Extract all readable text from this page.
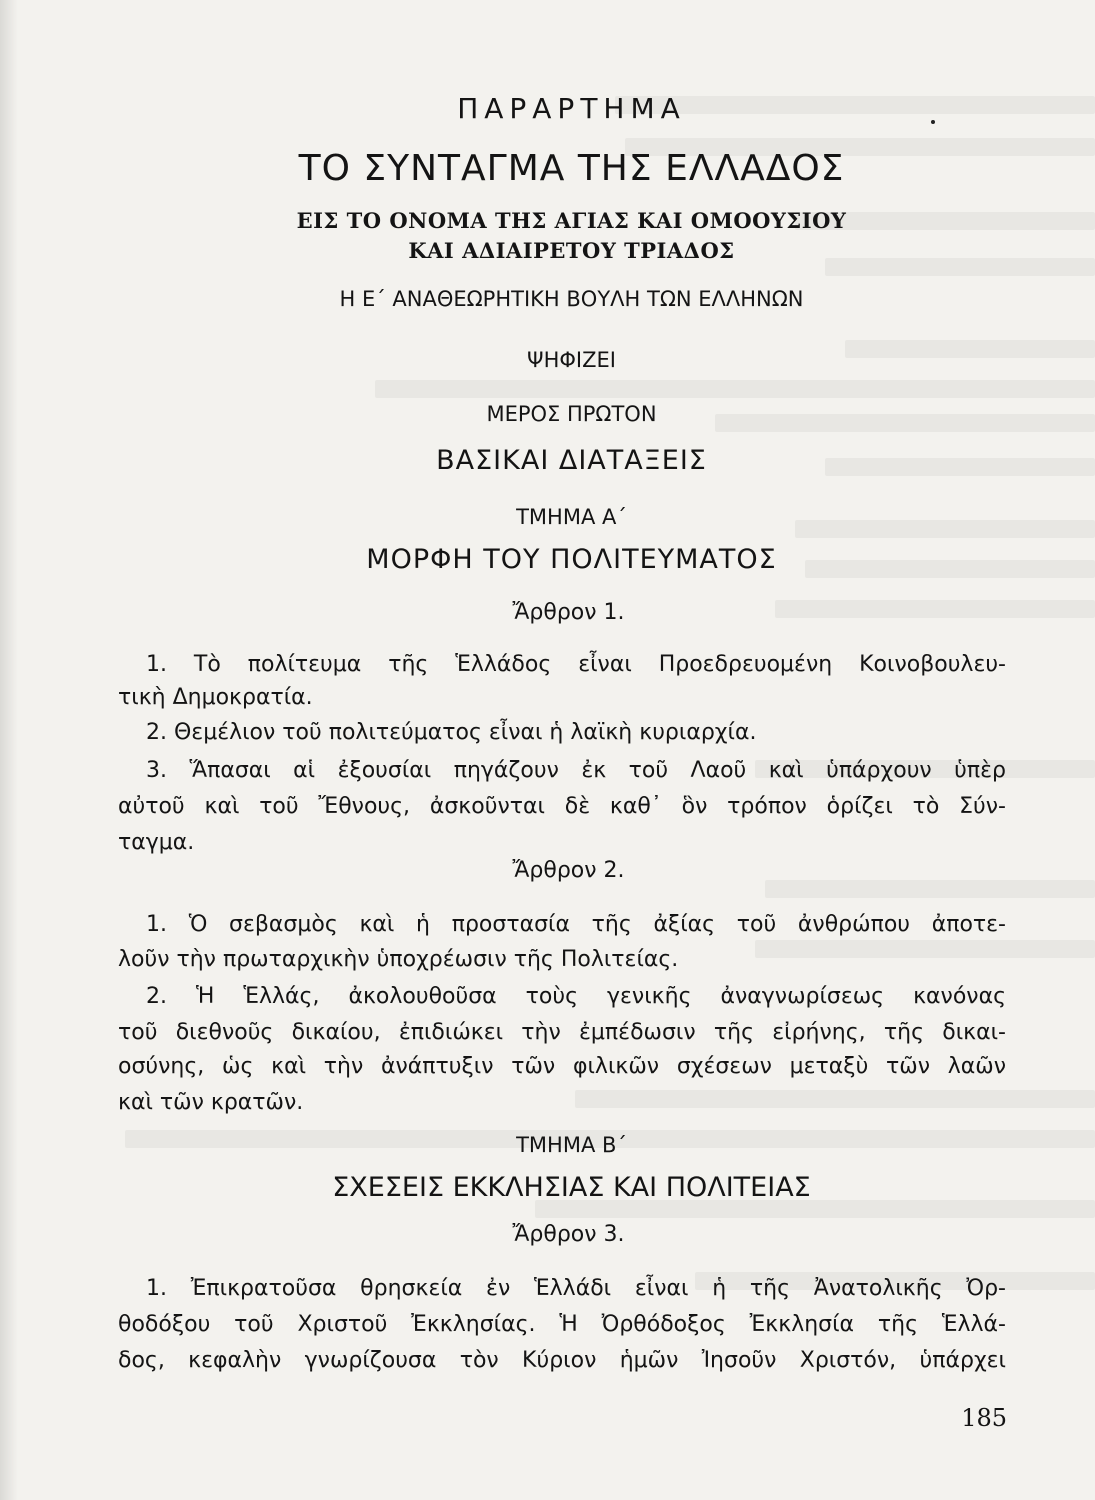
ΠΑΡΑΡΤΗΜΑ
ΤΟ ΣΥΝΤΑΓΜΑ ΤΗΣ ΕΛΛΑΔΟΣ
ΕΙΣ ΤΟ ΟΝΟΜΑ ΤΗΣ ΑΓΙΑΣ ΚΑΙ ΟΜΟΟΥΣΙΟΥ
ΚΑΙ ΑΔΙΑΙΡΕΤΟΥ ΤΡΙΑΔΟΣ
Η Ε΄ ΑΝΑΘΕΩΡΗΤΙΚΗ ΒΟΥΛΗ ΤΩΝ ΕΛΛΗΝΩΝ
ΨΗΦΙΖΕΙ
ΜΕΡΟΣ ΠΡΩΤΟΝ
ΒΑΣΙΚΑΙ ΔΙΑΤΑΞΕΙΣ
ΤΜΗΜΑ Α΄
ΜΟΡΦΗ ΤΟΥ ΠΟΛΙΤΕΥΜΑΤΟΣ
Ἄρθρον 1.
1. Τὸ πολίτευμα τῆς Ἑλλάδος εἶναι Προεδρευομένη Κοινοβουλευ-
τικὴ Δημοκρατία.
2. Θεμέλιον τοῦ πολιτεύματος εἶναι ἡ λαϊκὴ κυριαρχία.
3. Ἅπασαι αἱ ἐξουσίαι πηγάζουν ἐκ τοῦ Λαοῦ καὶ ὑπάρχουν ὑπὲρ
αὐτοῦ καὶ τοῦ Ἔθνους, ἀσκοῦνται δὲ καθ᾽ ὃν τρόπον ὁρίζει τὸ Σύν-
ταγμα.
Ἄρθρον 2.
1. Ὁ σεβασμὸς καὶ ἡ προστασία τῆς ἀξίας τοῦ ἀνθρώπου ἀποτε-
λοῦν τὴν πρωταρχικὴν ὑποχρέωσιν τῆς Πολιτείας.
2. Ἡ Ἑλλάς, ἀκολουθοῦσα τοὺς γενικῆς ἀναγνωρίσεως κανόνας
τοῦ διεθνοῦς δικαίου, ἐπιδιώκει τὴν ἐμπέδωσιν τῆς εἰρήνης, τῆς δικαι-
οσύνης, ὡς καὶ τὴν ἀνάπτυξιν τῶν φιλικῶν σχέσεων μεταξὺ τῶν λαῶν
καὶ τῶν κρατῶν.
ΤΜΗΜΑ Β΄
ΣΧΕΣΕΙΣ ΕΚΚΛΗΣΙΑΣ ΚΑΙ ΠΟΛΙΤΕΙΑΣ
Ἄρθρον 3.
1. Ἐπικρατοῦσα θρησκεία ἐν Ἑλλάδι εἶναι ἡ τῆς Ἀνατολικῆς Ὀρ-
θοδόξου τοῦ Χριστοῦ Ἐκκλησίας. Ἡ Ὀρθόδοξος Ἐκκλησία τῆς Ἑλλά-
δος, κεφαλὴν γνωρίζουσα τὸν Κύριον ἡμῶν Ἰησοῦν Χριστόν, ὑπάρχει
185
